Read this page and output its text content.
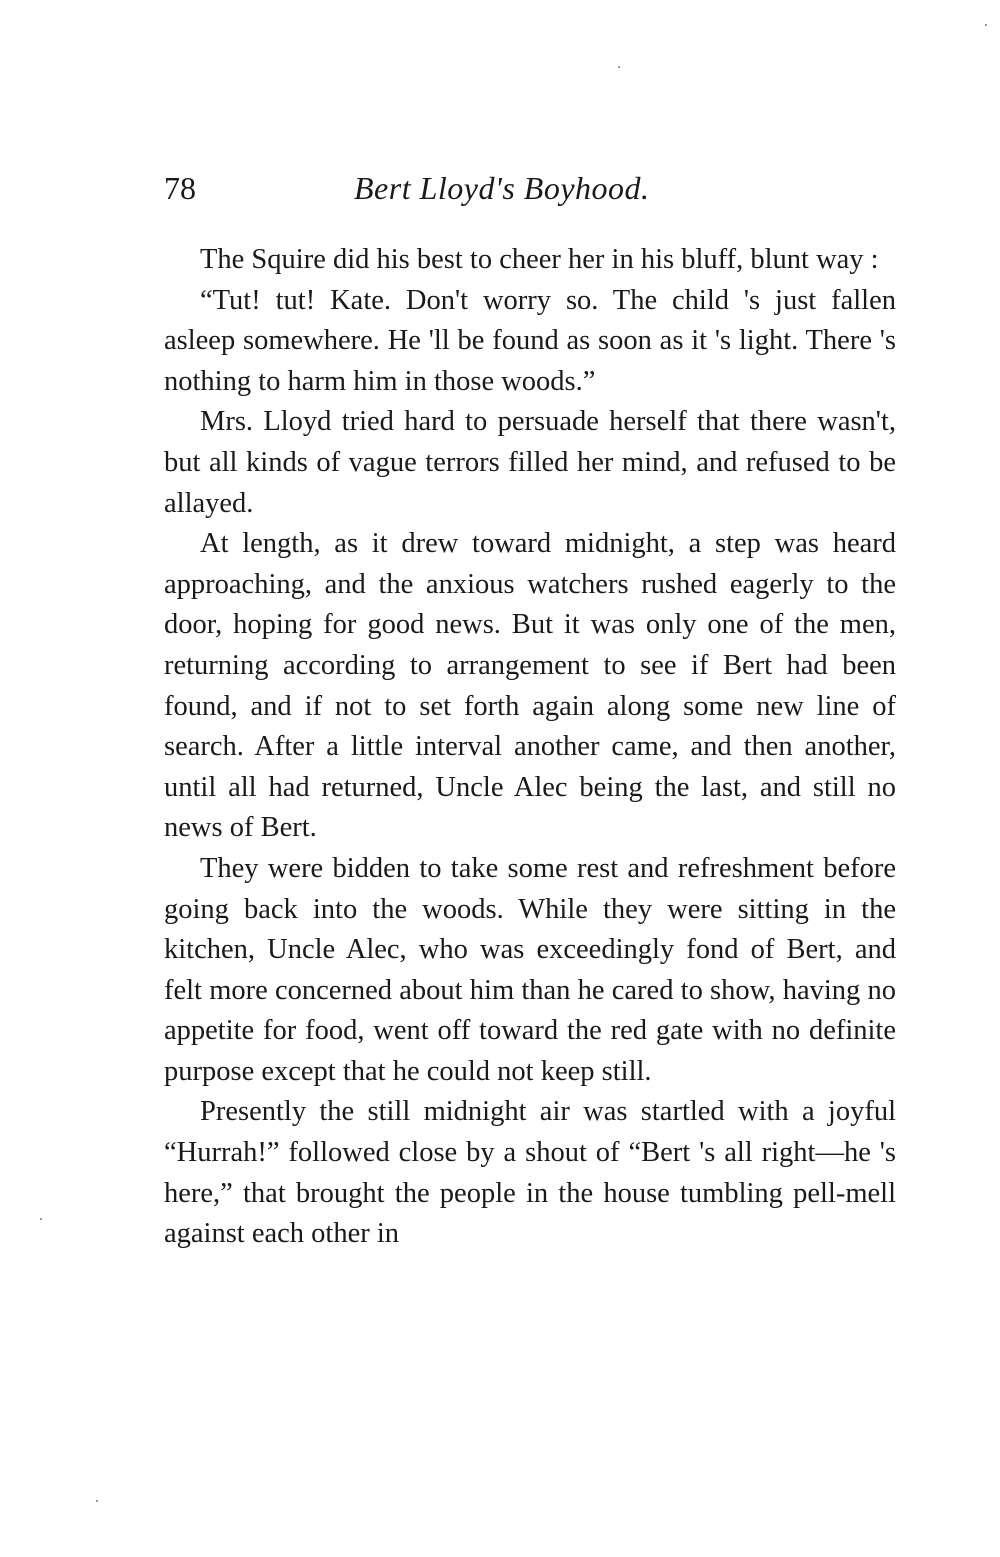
78	Bert Lloyd's Boyhood.

The Squire did his best to cheer her in his bluff, blunt way :

“Tut! tut! Kate. Don't worry so. The child 's just fallen asleep somewhere. He 'll be found as soon as it 's light. There 's nothing to harm him in those woods.”

Mrs. Lloyd tried hard to persuade herself that there wasn't, but all kinds of vague terrors filled her mind, and refused to be allayed.

At length, as it drew toward midnight, a step was heard approaching, and the anxious watchers rushed eagerly to the door, hoping for good news. But it was only one of the men, returning according to arrangement to see if Bert had been found, and if not to set forth again along some new line of search. After a little interval another came, and then another, until all had returned, Uncle Alec being the last, and still no news of Bert.

They were bidden to take some rest and refreshment before going back into the woods. While they were sitting in the kitchen, Uncle Alec, who was exceedingly fond of Bert, and felt more concerned about him than he cared to show, having no appetite for food, went off toward the red gate with no definite purpose except that he could not keep still.

Presently the still midnight air was startled with a joyful “Hurrah!” followed close by a shout of “Bert 's all right—he 's here,” that brought the people in the house tumbling pell-mell against each other in
